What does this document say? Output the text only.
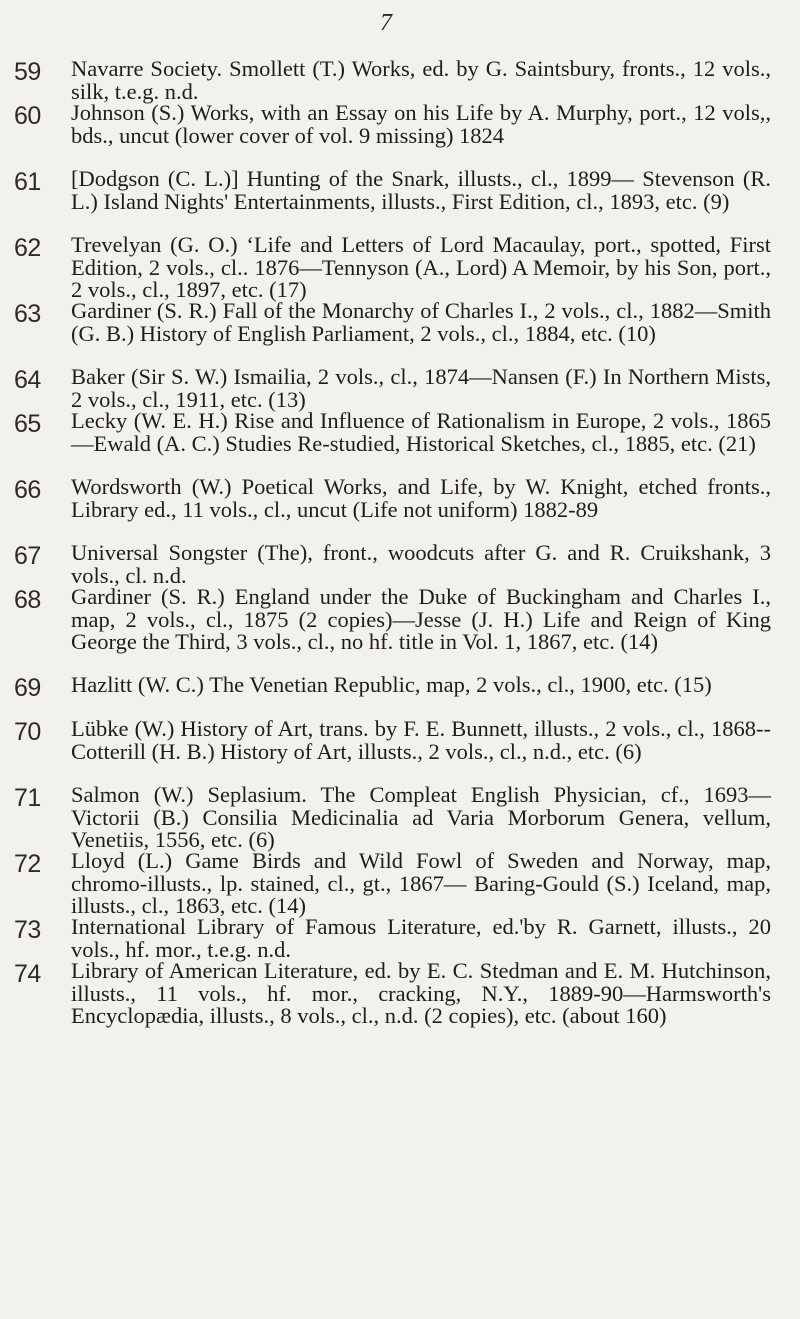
7
59 Navarre Society. Smollett (T.) Works, ed. by G. Saintsbury, fronts., 12 vols., silk, t.e.g. n.d.
60 Johnson (S.) Works, with an Essay on his Life by A. Murphy, port., 12 vols,, bds., uncut (lower cover of vol. 9 missing) 1824
61 [Dodgson (C. L.)] Hunting of the Snark, illusts., cl., 1899— Stevenson (R. L.) Island Nights' Entertainments, illusts., First Edition, cl., 1893, etc. (9)
62 Trevelyan (G. O.) ‘Life and Letters of Lord Macaulay, port., spotted, First Edition, 2 vols., cl.. 1876—Tennyson (A., Lord) A Memoir, by his Son, port., 2 vols., cl., 1897, etc. (17)
63 Gardiner (S. R.) Fall of the Monarchy of Charles I., 2 vols., cl., 1882—Smith (G. B.) History of English Parliament, 2 vols., cl., 1884, etc. (10)
64 Baker (Sir S. W.) Ismailia, 2 vols., cl., 1874—Nansen (F.) In Northern Mists, 2 vols., cl., 1911, etc. (13)
65 Lecky (W. E. H.) Rise and Influence of Rationalism in Europe, 2 vols., 1865—Ewald (A. C.) Studies Re-studied, Historical Sketches, cl., 1885, etc. (21)
66 Wordsworth (W.) Poetical Works, and Life, by W. Knight, etched fronts., Library ed., 11 vols., cl., uncut (Life not uniform) 1882-89
67 Universal Songster (The), front., woodcuts after G. and R. Cruikshank, 3 vols., cl. n.d.
68 Gardiner (S. R.) England under the Duke of Buckingham and Charles I., map, 2 vols., cl., 1875 (2 copies)—Jesse (J. H.) Life and Reign of King George the Third, 3 vols., cl., no hf. title in Vol. 1, 1867, etc. (14)
69 Hazlitt (W. C.) The Venetian Republic, map, 2 vols., cl., 1900, etc. (15)
70 Lübke (W.) History of Art, trans. by F. E. Bunnett, illusts., 2 vols., cl., 1868--Cotterill (H. B.) History of Art, illusts., 2 vols., cl., n.d., etc. (6)
71 Salmon (W.) Seplasium. The Compleat English Physician, cf., 1693—Victorii (B.) Consilia Medicinalia ad Varia Morborum Genera, vellum, Venetiis, 1556, etc. (6)
72 Lloyd (L.) Game Birds and Wild Fowl of Sweden and Norway, map, chromo-illusts., lp. stained, cl., gt., 1867— Baring-Gould (S.) Iceland, map, illusts., cl., 1863, etc. (14)
73 International Library of Famous Literature, ed.'by R. Garnett, illusts., 20 vols., hf. mor., t.e.g. n.d.
74 Library of American Literature, ed. by E. C. Stedman and E. M. Hutchinson, illusts., 11 vols., hf. mor., cracking, N.Y., 1889-90—Harmsworth's Encyclopædia, illusts., 8 vols., cl., n.d. (2 copies), etc. (about 160)
